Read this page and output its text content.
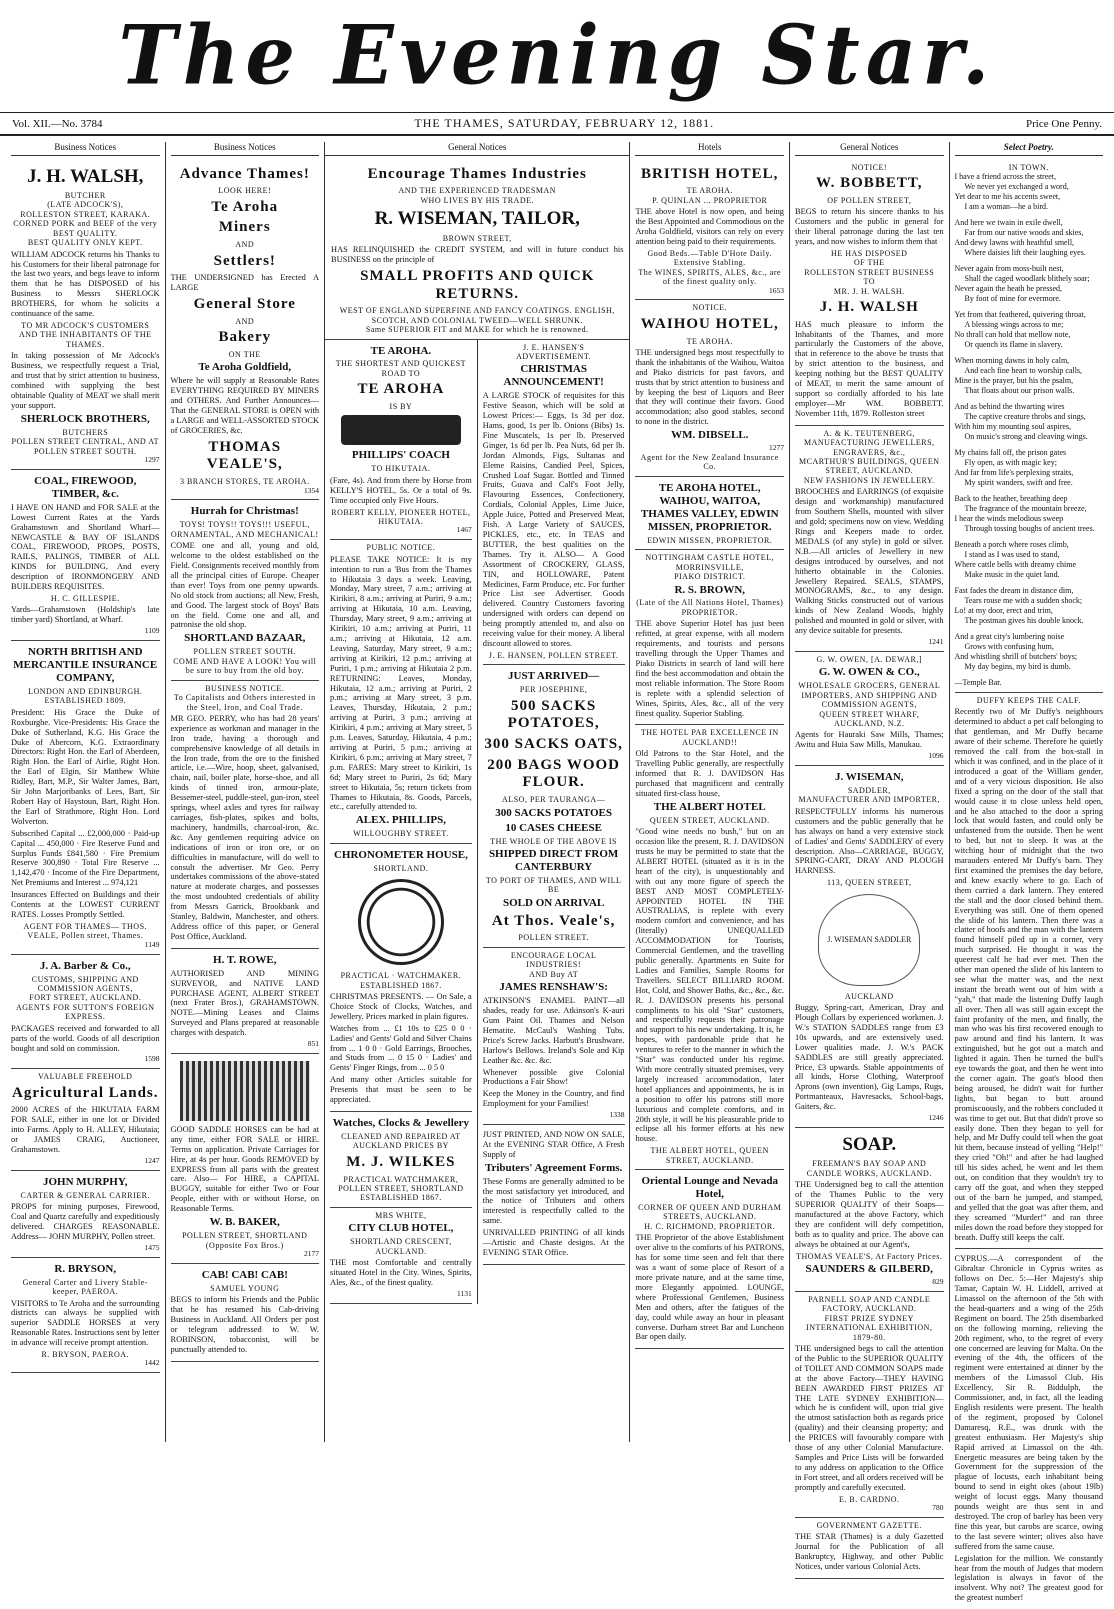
The Evening Star.
Vol. XII.—No. 3784	THE THAMES, SATURDAY, FEBRUARY 12, 1881.	Price One Penny.
Business Notices
J. H. WALSH,
BUTCHER
(LATE ADCOCK'S),
ROLLESTON STREET, KARAKA.
CORNED PORK and BEEF of the very BEST QUALITY.
BEST QUALITY ONLY KEPT.

WILLIAM ADCOCK returns his Thanks to his Customers for their liberal patronage for the last two years, and begs leave to inform them that he has DISPOSED of his Business to Messrs SHERLOCK BROTHERS, for whom he solicits a continuance of the same.

TO MR ADCOCK'S CUSTOMERS AND THE INHABITANTS OF THE THAMES.

In taking possession of Mr Adcock's Business, we respectfully request a Trial, and trust that by strict attention to business, combined with supplying the best obtainable Quality of MEAT we shall merit your support.

SHERLOCK BROTHERS,
BUTCHERS
POLLEN STREET CENTRAL, AND AT POLLEN STREET SOUTH.
1297
COAL, FIREWOOD, TIMBER, &c.

I HAVE ON HAND and FOR SALE at the Lowest Current Rates at the Yards Grahamstown and Shortland Wharf— NEWCASTLE & BAY OF ISLANDS COAL, FIREWOOD, PROPS, POSTS, RAILS, PALINGS, TIMBER of ALL KINDS for BUILDING, And every description of IRONMONGERY AND BUILDERS REQUISITES.

H. C. GILLESPIE.

Yards—Grahamstown (Holdship's late timber yard) Shortland, at Wharf.

1109
NORTH BRITISH AND MERCANTILE INSURANCE COMPANY,
LONDON AND EDINBURGH.
ESTABLISHED 1809.

President: His Grace the Duke of Roxburghe. Vice-Presidents: His Grace the Duke of Sutherland, K.G. His Grace the Duke of Abercorn, K.G. Extraordinary Directors: Right Hon. the Earl of Aberdeen, Right Hon. the Earl of Airlie, Right Hon. the Earl of Elgin, Sir Matthew White Ridley, Bart, M.P., Sir Walter James, Bart, Sir John Marjoribanks of Lees, Bart, Sir Robert Hay of Haystoun, Bart, Right Hon. the Earl of Strathmore, Right Hon. Lord Wolverton.

Subscribed Capital ... £2,000,000 · Paid-up Capital ... 450,000 · Fire Reserve Fund and Surplus Funds £841,580 · Fire Premium Reserve 300,890 · Total Fire Reserve ... 1,142,470 · Income of the Fire Department, Net Premiums and Interest ... 974,121

Insurances Effected on Buildings and their Contents at the LOWEST CURRENT RATES. Losses Promptly Settled.

AGENT FOR THAMES— THOS. VEALE, Pollen street, Thames.
1149
J. A. Barber & Co.,
CUSTOMS, SHIPPING AND COMMISSION AGENTS,
FORT STREET, AUCKLAND.
AGENTS FOR SUTTON'S FOREIGN EXPRESS.

PACKAGES received and forwarded to all parts of the world. Goods of all description bought and sold on commission.

1598
VALUABLE FREEHOLD
Agricultural Lands.

2000 ACRES of the HIKUTAIA FARM FOR SALE, either in one lot or Divided into Farms. Apply to H. ALLEY, Hikutaia; or JAMES CRAIG, Auctioneer, Grahamstown.

1247
JOHN MURPHY,
CARTER & GENERAL CARRIER.

PROPS for mining purposes, Firewood, Coal and Quartz carefully and expeditiously delivered. CHARGES REASONABLE. Address— JOHN MURPHY, Pollen street.

1475
R. BRYSON,
General Carter and Livery Stable-keeper, PAEROA.

VISITORS to Te Aroha and the surrounding districts can always be supplied with superior SADDLE HORSES at very Reasonable Rates. Instructions sent by letter in advance will receive prompt attention.

R. BRYSON, PAEROA.
1442
Business Notices
Advance Thames!
LOOK HERE!
Te Aroha
Miners
AND
Settlers!

THE UNDERSIGNED has Erected A LARGE

General Store
AND
Bakery
ON THE
Te Aroha Goldfield,

Where he will supply at Reasonable Rates EVERYTHING REQUIRED BY MINERS and OTHERS. And Further Announces—That the GENERAL STORE is OPEN with a LARGE and WELL-ASSORTED STOCK of GROCERIES, &c.

THOMAS VEALE'S,
3 BRANCH STORES, TE AROHA.
1354
Hurrah for Christmas!
TOYS! TOYS!! TOYS!!! USEFUL, ORNAMENTAL, AND MECHANICAL!

COME one and all, young and old, welcome to the oldest established on the Field. Consignments received monthly from all the principal cities of Europe. Cheaper than ever! Toys from one penny upwards. No old stock from auctions; all New, Fresh, and Good. The largest stock of Boys' Bats on the field. Come one and all, and patronise the old shop.

SHORTLAND BAZAAR,
POLLEN STREET SOUTH.
COME AND HAVE A LOOK! You will be sure to buy from the old boy.
BUSINESS NOTICE.
To Capitalists and Others interested in the Steel, Iron, and Coal Trade.

MR GEO. PERRY, who has had 28 years' experience as workman and manager in the Iron trade, having a thorough and comprehensive knowledge of all details in the Iron trade, from the ore to the finished article, i.e.—Wire, hoop, sheet, galvanised, chain, nail, boiler plate, horse-shoe, and all kinds of tinned iron, armour-plate, Bessemer-steel, puddle-steel, gun-iron, steel springs, wheel axles and tyres for railway carriages, fish-plates, spikes and bolts, machinery, handmills, charcoal-iron, &c. &c. Any gentlemen requiring advice on indications of iron or iron ore, or on difficulties in manufacture, will do well to consult the advertiser. Mr Geo. Perry undertakes commissions of the above-stated nature at moderate charges, and possesses the most undoubted credentials of ability from Messrs Garrick, Brookbank and Stanley, Baldwin, Manchester, and others. Address office of this paper, or General Post Office, Auckland.

H. T. ROWE,

AUTHORISED AND MINING SURVEYOR, and NATIVE LAND PURCHASE AGENT, ALBERT STREET (next Frater Bros.), GRAHAMSTOWN. NOTE.—Mining Leases and Claims Surveyed and Plans prepared at reasonable charges with despatch.

851

GOOD SADDLE HORSES can be had at any time, either FOR SALE or HIRE. Terms on application. Private Carriages for Hire, at 4s per hour. Goods REMOVED by EXPRESS from all parts with the greatest care. Also— For HIRE, a CAPITAL BUGGY, suitable for either Two or Four People, either with or without Horse, on Reasonable Terms.

W. B. BAKER,
POLLEN STREET, SHORTLAND (Opposite Fox Bros.)
2177
CAB! CAB! CAB!
SAMUEL YOUNG

BEGS to inform his Friends and the Public that he has resumed his Cab-driving Business in Auckland. All Orders per post or telegram addressed to W. W. ROBINSON, tobacconist, will be punctually attended to.

General Notices
Encourage Thames Industries
AND THE EXPERIENCED TRADESMAN
WHO LIVES BY HIS TRADE.
R. WISEMAN, TAILOR,
BROWN STREET,

HAS RELINQUISHED the CREDIT SYSTEM, and will in future conduct his BUSINESS on the principle of

SMALL PROFITS AND QUICK RETURNS.
WEST OF ENGLAND SUPERFINE AND FANCY COATINGS. ENGLISH, SCOTCH, AND COLONIAL TWEED—WELL SHRUNK.
Same SUPERIOR FIT and MAKE for which he is renowned.
TE AROHA.
THE SHORTEST AND QUICKEST ROAD TO
TE AROHA
IS BY
PHILLIPS' COACH
TO HIKUTAIA.

(Fare, 4s). And from there by Horse from KELLY'S HOTEL, 5s. Or a total of 9s. Time occupied only Five Hours.

ROBERT KELLY, PIONEER HOTEL, HIKUTAIA.
1467
PUBLIC NOTICE.

PLEASE TAKE NOTICE: It is my intention to run a 'Bus from the Thames to Hikutaia 3 days a week. Leaving, Monday, Mary street, 7 a.m.; arriving at Kirikiri, 8 a.m.; arriving at Puriri, 9 a.m.; arriving at Hikutaia, 10 a.m. Leaving, Thursday, Mary street, 9 a.m.; arriving at Kirikiri, 10 a.m.; arriving at Puriri, 11 a.m.; arriving at Hikutaia, 12 a.m. Leaving, Saturday, Mary street, 9 a.m.; arriving at Kirikiri, 12 p.m.; arriving at Puriri, 1 p.m.; arriving at Hikutaia 2 p.m. RETURNING: Leaves, Monday, Hikutaia, 12 a.m.; arriving at Puriri, 2 p.m.; arriving at Mary street, 3 p.m. Leaves, Thursday, Hikutaia, 2 p.m.; arriving at Puriri, 3 p.m.; arriving at Kirikiri, 4 p.m.; arriving at Mary street, 5 p.m. Leaves, Saturday, Hikutaia, 4 p.m.; arriving at Puriri, 5 p.m.; arriving at Kirikiri, 6 p.m.; arriving at Mary street, 7 p.m. FARES: Mary street to Kirikiri, 1s 6d; Mary street to Puriri, 2s 6d; Mary street to Hikutaia, 5s; return tickets from Thames to Hikutaia, 8s. Goods, Parcels, etc., carefully attended to.

ALEX. PHILLIPS,
WILLOUGHBY STREET.
CHRONOMETER HOUSE,
SHORTLAND.
PRACTICAL · WATCHMAKER.
ESTABLISHED 1867.

CHRISTMAS PRESENTS. — On Sale, a Choice Stock of Clocks, Watches, and Jewellery. Prices marked in plain figures.

Watches from ... £1 10s to £25 0 0 · Ladies' and Gents' Gold and Silver Chains from ... 1 0 0 · Gold Earrings, Brooches, and Studs from ... 0 15 0 · Ladies' and Gents' Finger Rings, from ... 0 5 0

And many other Articles suitable for Presents that must be seen to be appreciated.

Watches, Clocks & Jewellery
CLEANED AND REPAIRED AT AUCKLAND PRICES BY
M. J. WILKES
PRACTICAL WATCHMAKER,
POLLEN STREET, SHORTLAND
ESTABLISHED 1867.
MRS WHITE,
CITY CLUB HOTEL,
SHORTLAND CRESCENT, AUCKLAND.

THE most Comfortable and centrally situated Hotel in the City. Wines, Spirits, Ales, &c., of the finest quality.

1131
J. E. HANSEN'S
ADVERTISEMENT.
CHRISTMAS ANNOUNCEMENT!

A LARGE STOCK of requisites for this Festive Season, which will be sold at Lowest Prices:— Eggs, 1s 3d per doz. Hams, good, 1s per lb. Onions (Bibs) 1s. Fine Muscatels, 1s per lb. Preserved Ginger, 1s 6d per lb. Pea Nuts, 6d per lb. Jordan Almonds, Figs, Sultanas and Eleme Raisins, Candied Peel, Spices, Crushed Loaf Sugar. Bottled and Tinned Fruits, Guava and Calf's Foot Jelly, Flavouring Essences, Confectionery, Cordials, Colonial Apples, Lime Juice, Apple Juice, Potted and Preserved Meat, Fish. A Large Variety of SAUCES, PICKLES, etc., etc. In TEAS and BUTTER, the best qualities on the Thames. Try it. ALSO— A Good Assortment of CROCKERY, GLASS, TIN, and HOLLOWARE, Patent Medicines, Farm Produce, etc. For further Price List see Advertiser. Goods delivered. Country Customers favoring undersigned with orders can depend on being promptly attended to, and also on receiving value for their money. A liberal discount allowed to stores.

J. E. HANSEN, POLLEN STREET.
JUST ARRIVED—
PER JOSEPHINE,
500 SACKS POTATOES,
300 SACKS OATS,
200 BAGS WOOD FLOUR.
ALSO, PER TAURANGA—
300 SACKS POTATOES
10 CASES CHEESE
THE WHOLE OF THE ABOVE IS
SHIPPED DIRECT FROM CANTERBURY
TO PORT OF THAMES, AND WILL BE
SOLD ON ARRIVAL
At Thos. Veale's,
POLLEN STREET.
ENCOURAGE LOCAL INDUSTRIES!
AND Buy AT
JAMES RENSHAW'S:

ATKINSON'S ENAMEL PAINT—all shades, ready for use. Atkinson's K-auri Gum Paint Oil. Thames and Nelson Hematite. McCaul's Washing Tubs. Price's Screw Jacks. Harbutt's Brushware. Harlow's Bellows. Ireland's Sole and Kip Leather &c. &c. &c.

Whenever possible give Colonial Productions a Fair Show!

Keep the Money in the Country, and find Employment for your Families!

1338

JUST PRINTED, AND NOW ON SALE, At the EVENING STAR Office, A Fresh Supply of

Tributers' Agreement Forms.

These Forms are generally admitted to be the most satisfactory yet introduced, and the notice of Tributers and others interested is respectfully called to the same.

UNRIVALLED PRINTING of all kinds—Artistic and Chaste designs. At the EVENING STAR Office.

Hotels
BRITISH HOTEL,
TE AROHA.
P. QUINLAN ... PROPRIETOR

THE above Hotel is now open, and being the Best Appointed and Commodious on the Aroha Goldfield, visitors can rely on every attention being paid to their requirements.

Good Beds.—Table D'Hote Daily. Extensive Stabling.
The WINES, SPIRITS, ALES, &c., are of the finest quality only.
1653
NOTICE.
WAIHOU HOTEL,
TE AROHA.

THE undersigned begs most respectfully to thank the inhabitants of the Waihou, Waitoa and Piako districts for past favors, and trusts that by strict attention to business and by keeping the best of Liquors and Beer that they will continue their favors. Good accommodation; also good stables, second to none in the district.

WM. DIBSELL.
1277
Agent for the New Zealand Insurance Co.
TE AROHA HOTEL, WAIHOU, WAITOA, THAMES VALLEY, EDWIN MISSEN, PROPRIETOR.
EDWIN MISSEN, PROPRIETOR.
NOTTINGHAM CASTLE HOTEL,
MORRINSVILLE,
PIAKO DISTRICT.
R. S. BROWN,
(Late of the All Nations Hotel, Thames) PROPRIETOR.

THE above Superior Hotel has just been refitted, at great expense, with all modern requirements, and tourists and persons travelling through the Upper Thames and Piako Districts in search of land will here find the best accommodation and obtain the most reliable information. The Store Room is replete with a splendid selection of Wines, Spirits, Ales, &c., all of the very finest quality. Superior Stabling.

THE HOTEL PAR EXCELLENCE IN AUCKLAND!!

Old Patrons to the Star Hotel, and the Travelling Public generally, are respectfully informed that R. J. DAVIDSON Has purchased that magnificent and centrally situated first-class house,

THE ALBERT HOTEL
QUEEN STREET, AUCKLAND.

"Good wine needs no bush," but on an occasion like the present, R. J. DAVIDSON trusts he may be permitted to state that the ALBERT HOTEL (situated as it is in the heart of the city), is unquestionably and with out any more figure of speech the BEST AND MOST COMPLETELY-APPOINTED HOTEL IN THE AUSTRALIAS, is replete with every modern comfort and convenience, and has (literally) UNEQUALLED ACCOMMODATION for Tourists, Commercial Gentlemen, and the travelling public generally. Apartments en Suite for Ladies and Families, Sample Rooms for Travellers. SELECT BILLIARD ROOM. Hot, Cold, and Shower Baths, &c., &c., &c. R. J. DAVIDSON presents his personal compliments to his old "Star" customers, and respectfully requests their patronage and support to his new undertaking. It is, he hopes, with pardonable pride that he ventures to refer to the manner in which the "Star" was conducted under his regime. With more centrally situated premises, very largely increased accommodation, later hotel appliances and appointments, he is in a position to offer his patrons still more luxurious and complete comforts, and in 20th style, it will be his pleasurable pride to eclipse all his former efforts at his new house.

THE ALBERT HOTEL, QUEEN STREET, AUCKLAND.
Oriental Lounge and Nevada Hotel,
CORNER OF QUEEN AND DURHAM STREETS, AUCKLAND.
H. C. RICHMOND, PROPRIETOR.

THE Proprietor of the above Establishment over alive to the comforts of his PATRONS, has for some time seen and felt that there was a want of some place of Resort of a more private nature, and at the same time, more Elegantly appointed. LOUNGE, where Professional Gentlemen, Business Men and others, after the fatigues of the day, could while away an hour in pleasant converse. Durham street Bar and Luncheon Bar open daily.

General Notices
NOTICE!
W. BOBBETT,
OF POLLEN STREET,

BEGS to return his sincere thanks to his Customers and the public in general for their liberal patronage during the last ten years, and now wishes to inform them that

HE HAS DISPOSED
OF THE
ROLLESTON STREET BUSINESS
TO
MR. J. H. WALSH.
J. H. WALSH

HAS much pleasure to inform the Inhabitants of the Thames, and more particularly the Customers of the above, that in reference to the above he trusts that by strict attention to the business, and keeping nothing but the BEST QUALITY of MEAT, to merit the same amount of support so cordially afforded to his late employer—Mr WM. BOBBETT. November 11th, 1879. Rolleston street

A. & K. TEUTENBERG,
MANUFACTURING JEWELLERS, ENGRAVERS, &c.,
MCARTHUR'S BUILDINGS, QUEEN STREET, AUCKLAND.
NEW FASHIONS IN JEWELLERY.

BROOCHES and EARRINGS (of exquisite design and workmanship) manufactured from Southern Shells, mounted with silver and gold; specimens now on view. Wedding Rings and Keepers made to order. MEDALS (of any style) in gold or silver. N.B.—All articles of Jewellery in new designs introduced by ourselves, and not hitherto obtainable in the Colonies. Jewellery Repaired. SEALS, STAMPS, MONOGRAMS, &c., to any design. Walking Sticks constructed out of various kinds of New Zealand Woods, highly polished and mounted in gold or silver, with any device suitable for presents.

1241
G. W. OWEN, [A. DEWAR,]
G. W. OWEN & CO.,
WHOLESALE GROCERS, GENERAL IMPORTERS, AND SHIPPING AND COMMISSION AGENTS,
QUEEN STREET WHARF, AUCKLAND, N.Z.

Agents for Hauraki Saw Mills, Thames; Awitu and Huia Saw Mills, Manukau.

1096
J. WISEMAN,
SADDLER,
MANUFACTURER AND IMPORTER,

RESPECTFULLY informs his numerous customers and the public generally that he has always on hand a very extensive stock of Ladies' and Gents' SADDLERY of every description. Also—CARRIAGE, BUGGY, SPRING-CART, DRAY AND PLOUGH HARNESS.

113, QUEEN STREET,
J. WISEMAN SADDLER
AUCKLAND

Buggy, Spring-cart, American, Dray and Plough Collars by experienced workmen. J. W.'s STATION SADDLES range from £3 10s upwards, and are extensively used. Lower qualities made. J. W.'s PACK SADDLES are still greatly appreciated. Price, £3 upwards. Stable appointments of all kinds, Horse Clothing, Waterproof Aprons (own invention), Gig Lamps, Rugs, Portmanteaux, Havresacks, School-bags, Gaiters, &c.

1246
SOAP.
FREEMAN'S BAY SOAP AND CANDLE WORKS, AUCKLAND.

THE Undersigned beg to call the attention of the Thames Public to the very SUPERIOR QUALITY of their Soaps—manufactured at the above Factory, which they are confident will defy competition, both as to quality and price. The above can always be obtained at our Agent's,

THOMAS VEALE'S, At Factory Prices.
SAUNDERS & GILBERD,
829
PARNELL SOAP AND CANDLE FACTORY, AUCKLAND.
FIRST PRIZE SYDNEY INTERNATIONAL EXHIBITION, 1879-80.

THE undersigned begs to call the attention of the Public to the SUPERIOR QUALITY of TOILET AND COMMON SOAPS made at the above Factory—THEY HAVING BEEN AWARDED FIRST PRIZES AT THE LATE SYDNEY EXHIBITION—which he is confident will, upon trial give the utmost satisfaction both as regards price (quality) and their cleansing property; and the PRICES will favourably compare with those of any other Colonial Manufacture. Samples and Price Lists will be forwarded to any address on application to the Office in Fort street, and all orders received will be promptly and carefully executed.

E. B. CARDNO.
780
GOVERNMENT GAZETTE.

THE STAR (Thames) is a duly Gazetted Journal for the Publication of all Bankruptcy, Highway, and other Public Notices, under various Colonial Acts.

Select Poetry.
IN TOWN.
I have a friend across the street,
We never yet exchanged a word,
Yet dear to me his accents sweet,
I am a woman—he a bird.
And here we twain in exile dwell,
Far from our native woods and skies,
And dewy lawns with heathful smell,
Where daisies lift their laughing eyes.
Never again from moss-built nest,
Shall the caged woodlark blithely soar;
Never again the heath be pressed,
By foot of mine for evermore.
Yet from that feathered, quivering throat,
A blessing wings across to me;
No thrall can hold that mellow note,
Or quench its flame in slavery.
When morning dawns in holy calm,
And each fine heart to worship calls,
Mine is the prayer, but his the psalm,
That floats about our prison walls.
And as behind the thwarting wires
The captive creature throbs and sings,
With him my mounting soul aspires,
On music's strong and cleaving wings.
My chains fall off, the prison gates
Fly open, as with magic key;
And far from life's perplexing straits,
My spirit wanders, swift and free.
Back to the heather, breathing deep
The fragrance of the mountain breeze,
I hear the winds melodious sweep
Through tossing boughs of ancient trees.
Beneath a porch where roses climb,
I stand as I was used to stand,
Where cattle bells with dreamy chime
Make music in the quiet land.
Fast fades the dream in distance dim,
Tears rouse me with a sudden shock;
Lo! at my door, erect and trim,
The postman gives his double knock.
And a great city's lumbering noise
Grows with confusing hum,
And whistling shrill of butchers' boys;
My day begins, my bird is dumb.
—Temple Bar.
DUFFY KEEPS THE CALF.

Recently two of Mr Duffy's neighbours determined to abduct a pet calf belonging to that gentleman, and Mr Duffy became aware of their scheme. Therefore he quietly removed the calf from the box-stall in which it was confined, and in the place of it introduced a goat of the William gender, and of a very vicious disposition. He also fixed a spring on the door of the stall that would cause it to close unless held open, and he also attached to the door a spring lock that would fasten, and could only be unfastened from the outside. Then he went to bed, but not to sleep. It was at the witching hour of midnight that the two marauders entered Mr Duffy's barn. They first examined the premises the day before, and knew exactly where to go. Each of them carried a dark lantern. They entered the stall and the door closed behind them. Everything was still. One of them opened the slide of his lantern. Then there was a clatter of hoofs and the man with the lantern found himself piled up in a corner, very much surprised. He thought it was the queerest calf he had ever met. Then the other man opened the slide of his lantern to see what the matter was, and the next instant the breath went out of him with a "yah," that made the listening Duffy laugh all over. Then all was still again except the faint profanity of the men, and finally, the man who was his first recovered enough to paw around and find his lantern. It was extinguished, but he got out a match and lighted it again. Then he turned the bull's eye towards the goat, and then he went into the corner again. The goat's blood then being aroused, he didn't wait for further lights, but began to butt around promiscuously, and the robbers concluded it was time to get out. But that didn't prove so easily done. Then they began to yell for help, and Mr Duffy could tell when the goat hit them, because instead of yelling "Help!" they cried "Oh!" and after he had laughed till his sides ached, he went and let them out, on condition that they wouldn't try to carry off the goat, and when they stepped out of the barn he jumped, and stamped, and yelled that the goat was after them, and they screamed "Murder!" and ran three miles down the road before they stopped for breath. Duffy still keeps the calf.

CYPRUS.—A correspondent of the Gibraltar Chronicle in Cyprus writes as follows on Dec. 5:—Her Majesty's ship Tamar, Captain W. H. Liddell, arrived at Limassol on the afternoon of the 5th with the head-quarters and a wing of the 25th Regiment on board. The 25th disembarked on the following morning, relieving the 20th regiment, who, to the regret of every one concerned are leaving for Malta. On the evening of the 4th, the officers of the regiment were entertained at dinner by the members of the Limassol Club. His Excellency, Sir R. Biddulph, the Commissioner, and, in fact, all the leading English residents were present. The health of the regiment, proposed by Colonel Damaresq, R.E., was drunk with the greatest enthusiasm. Her Majesty's ship Rapid arrived at Limassol on the 4th. Energetic measures are being taken by the Government for the suppression of the plague of locusts, each inhabitant being bound to send in eight okes (about 19lb) weight of locust eggs. Many thousand pounds weight are thus sent in and destroyed. The crop of barley has been very fine this year, but carobs are scarce, owing to the last severe winter; olives also have suffered from the same cause.

Legislation for the million. We constantly hear from the mouth of Judges that modern legislation is always in favor of the insolvent. Why not? The greatest good for the greatest number!
